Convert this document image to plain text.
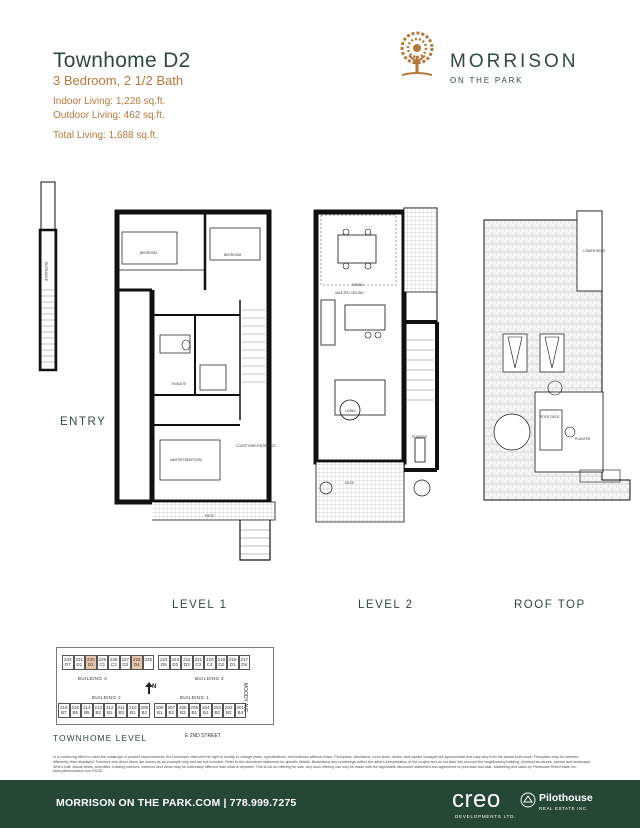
Townhome D2
3 Bedroom, 2 1/2 Bath
Indoor Living: 1,226 sq.ft.
Outdoor Living: 462 sq.ft.
Total Living: 1,688 sq.ft.
MORRISON
ON THE PARK
ENTRANCE
BEDROOM	BEDROOM
MASTER BEDROOM
ENSUITE
COURTYARD ENTRANCE
PATIO
DINING
LIVING
VAULTED CEILING
POWDER
DECK
ROOF DECK
LOWER DECK
PLANTER
ENTRY
LEVEL 1	LEVEL 2	ROOF TOP
233
D7
231
D1
230
D2
229
C1
228
C2
227
D3
226
D4
225	224
D5
223
D3
222
D3
221
C3
220
C4
219
D2
218
D1
217
D4
216
B7
215
B6
214
B5
213
B2
212
B1
211
B3
210
B1
209
B2
208
B1
207
B2
206
B3
205
B1
204
B1
203
B2
202
B3
201
B4
BUILDING 3	BUILDING 4
BUILDING 2	BUILDING 1
N
TOWNHOME LEVEL	E 2ND STREET
MOODY AVE
In a continuing effort to meet the challenge of product improvements, the Developer reserves the right to modify or change plans, specifications, and features without notice. Floorplans, elevations, room sizes, decks, and square footages are approximate and may vary from the actual built home. Floorplans may be oriented differently than displayed. Furniture and décor items are shown as an example only and are not included. Refer to the disclosure statement for specific details. Illustrations and renderings reflect the artist's interpretation of the project and do not take into account the neighbouring building, physical structures, streets and landscape. When built, actual views, amenities, building interiors, exteriors and views may be noticeably different than what is depicted. This is not an offering for sale. Any such offering can only be made with the applicable disclosure statement and agreement of purchase and sale. Marketing and sales by Pilothouse Real Estate Inc. www.pilothouseinc.com E&OE.
MORRISON ON THE PARK.COM | 778.999.7275	creo
DEVELOPMENTS LTD.
Pilothouse
REAL ESTATE INC.
